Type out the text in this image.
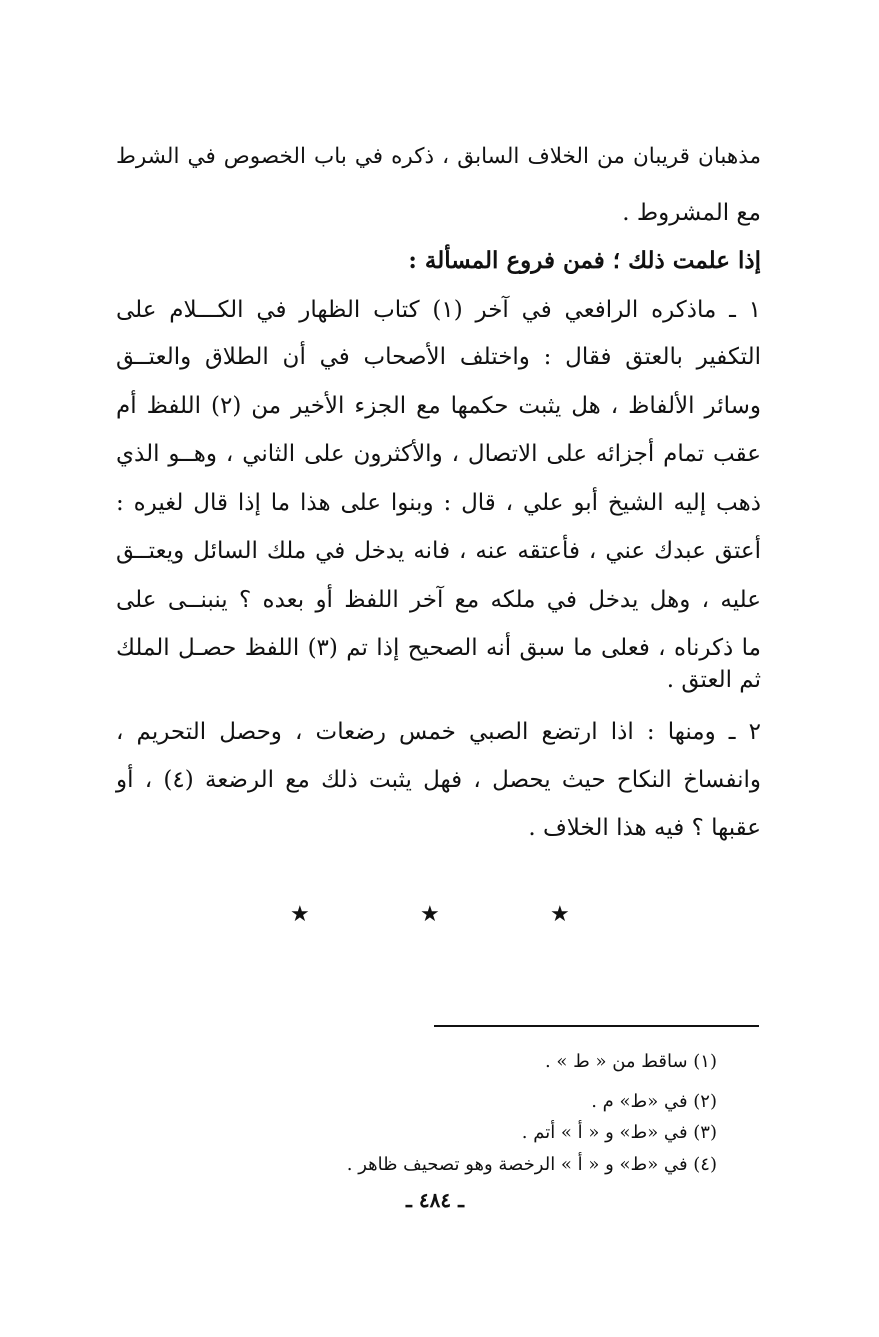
مذهبان قريبان من الخلاف السابق ، ذكره في باب الخصوص في الشرط
مع المشروط .
إذا علمت ذلك ؛ فمن فروع المسألة :
١ ـ ماذكره الرافعي في آخر (١) كتاب الظهار في الكـــلام على
التكفير بالعتق فقال : واختلف الأصحاب في أن الطلاق والعتــق
وسائر الألفاظ ، هل يثبت حكمها مع الجزء الأخير من (٢) اللفظ أم
عقب تمام أجزائه على الاتصال ، والأكثرون على الثاني ، وهــو الذي
ذهب إليه الشيخ أبو علي ، قال : وبنوا على هذا ما إذا قال لغيره :
أعتق عبدك عني ، فأعتقه عنه ، فانه يدخل في ملك السائل ويعتــق
عليه ، وهل يدخل في ملكه مع آخر اللفظ أو بعده ؟ ينبنــى على
ما ذكرناه ، فعلى ما سبق أنه الصحيح إذا تم (٣) اللفظ حصـل الملك
ثم العتق .
٢ ـ ومنها : اذا ارتضع الصبي خمس رضعات ، وحصل التحريم ،
وانفساخ النكاح حيث يحصل ، فهل يثبت ذلك مع الرضعة (٤) ، أو
عقبها ؟ فيه هذا الخلاف .
★	★	★
(١) ساقط من « ط » .
(٢) في «ط» م .
(٣) في «ط» و « أ » أتم .
(٤) في «ط» و « أ » الرخصة وهو تصحيف ظاهر .
ـ ٤٨٤ ـ
